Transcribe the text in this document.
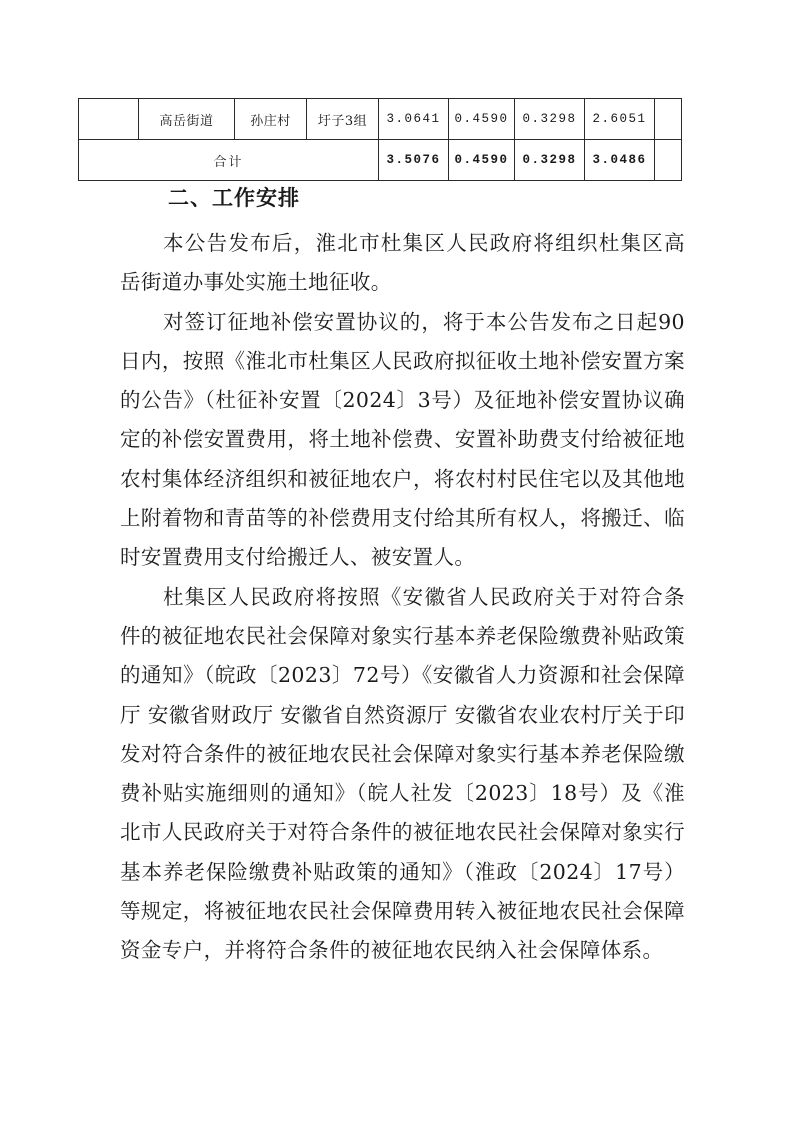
	高岳街道	孙庄村	圩子3组	3.0641	0.4590	0.3298	2.6051	
合计				3.5076	0.4590	0.3298	3.0486	
二、工作安排

本公告发布后，淮北市杜集区人民政府将组织杜集区高岳街道办事处实施土地征收。

对签订征地补偿安置协议的，将于本公告发布之日起90日内，按照《淮北市杜集区人民政府拟征收土地补偿安置方案的公告》（杜征补安置〔2024〕3号）及征地补偿安置协议确定的补偿安置费用，将土地补偿费、安置补助费支付给被征地农村集体经济组织和被征地农户，将农村村民住宅以及其他地上附着物和青苗等的补偿费用支付给其所有权人，将搬迁、临时安置费用支付给搬迁人、被安置人。

杜集区人民政府将按照《安徽省人民政府关于对符合条件的被征地农民社会保障对象实行基本养老保险缴费补贴政策的通知》（皖政〔2023〕72号）《安徽省人力资源和社会保障厅 安徽省财政厅 安徽省自然资源厅 安徽省农业农村厅关于印发对符合条件的被征地农民社会保障对象实行基本养老保险缴费补贴实施细则的通知》（皖人社发〔2023〕18号）及《淮北市人民政府关于对符合条件的被征地农民社会保障对象实行基本养老保险缴费补贴政策的通知》（淮政〔2024〕17号）等规定，将被征地农民社会保障费用转入被征地农民社会保障资金专户，并将符合条件的被征地农民纳入社会保障体系。
